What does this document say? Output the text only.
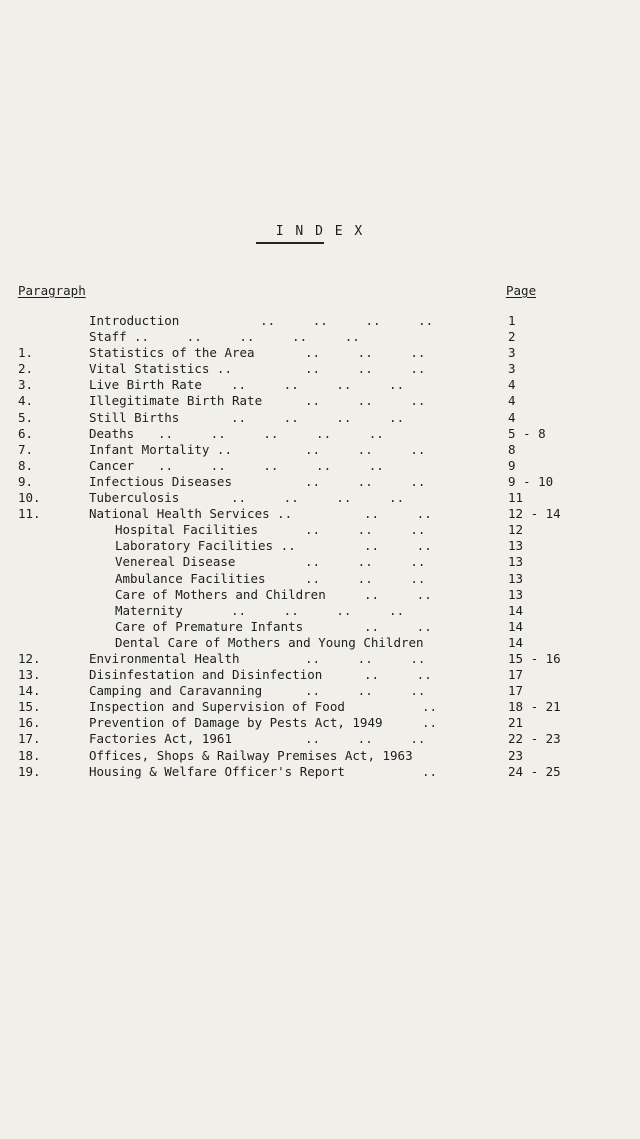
I N D E X
Paragraph	Page
Introduction	..     ..     ..     ..	1
Staff ..     ..     ..     ..     ..	2
1.	Statistics of the Area	..     ..     ..	3
2.	Vital Statistics ..	..     ..     ..	3
3.	Live Birth Rate ..     ..     ..     ..	4
4.	Illegitimate Birth Rate	..     ..     ..	4
5.	Still Births	..     ..     ..     ..	4
6.	Deaths ..     ..     ..     ..     ..	5 - 8
7.	Infant Mortality ..	..     ..     ..	8
8.	Cancer ..     ..     ..     ..     ..	9
9.	Infectious Diseases	..     ..     ..	9 - 10
10.	Tuberculosis	..     ..     ..     ..	11
11.	National Health Services ..	..     ..	12 - 14
Hospital Facilities	..     ..     ..	12
Laboratory Facilities ..	..     ..	13
Venereal Disease	..     ..     ..	13
Ambulance Facilities	..     ..     ..	13
Care of Mothers and Children	..     ..	13
Maternity	..     ..     ..     ..	14
Care of Premature Infants	..     ..	14
Dental Care of Mothers and Young Children	14
12.	Environmental Health	..     ..     ..	15 - 16
13.	Disinfestation and Disinfection	..     ..	17
14.	Camping and Caravanning	..     ..     ..	17
15.	Inspection and Supervision of Food	..	18 - 21
16.	Prevention of Damage by Pests Act, 1949	..	21
17.	Factories Act, 1961	..     ..     ..	22 - 23
18.	Offices, Shops & Railway Premises Act, 1963	23
19.	Housing & Welfare Officer's Report	..	24 - 25
